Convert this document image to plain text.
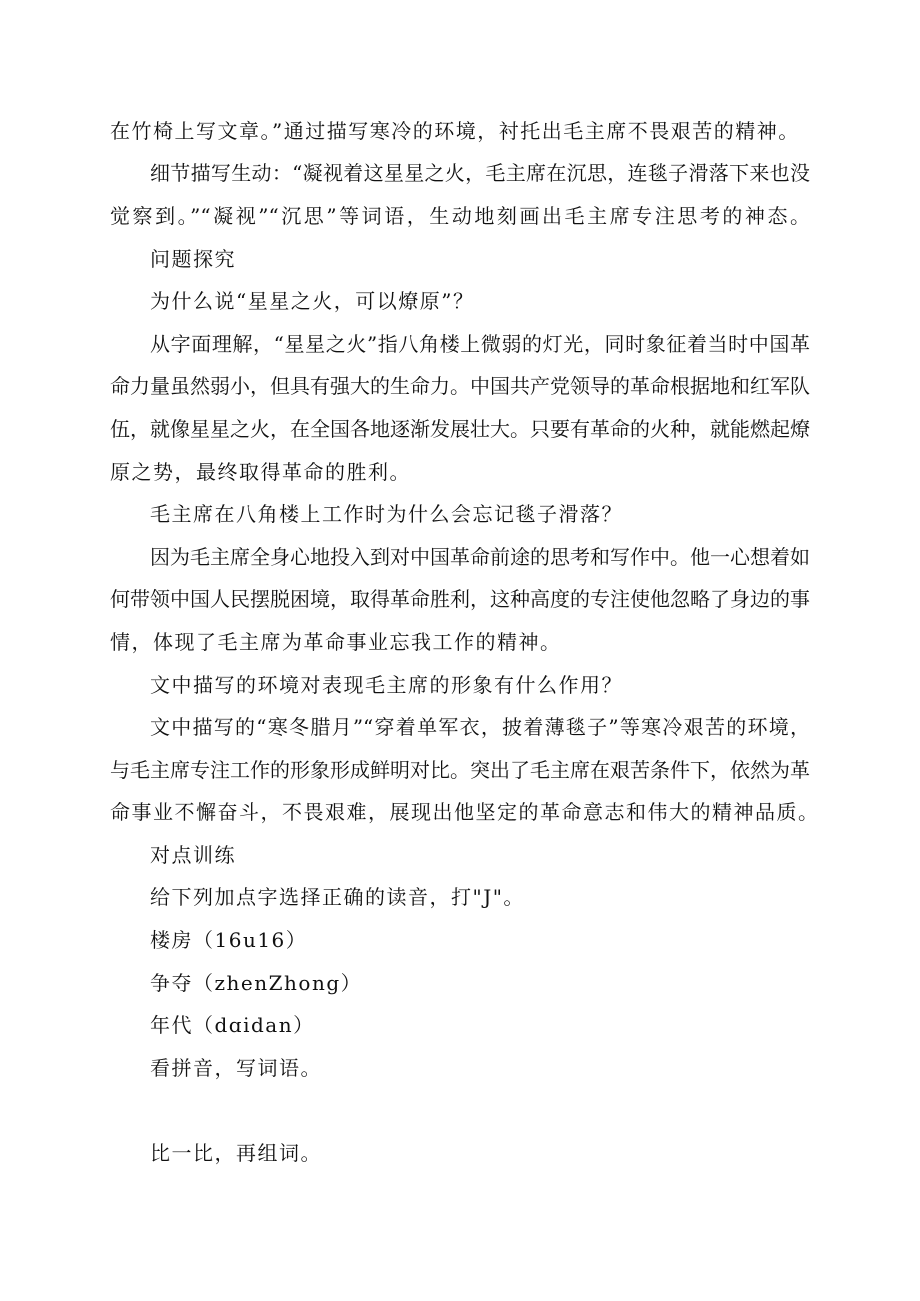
在竹椅上写文章。”通过描写寒冷的环境，衬托出毛主席不畏艰苦的精神。

细节描写生动：“凝视着这星星之火，毛主席在沉思，连毯子滑落下来也没

觉察到。”“凝视”“沉思”等词语，生动地刻画出毛主席专注思考的神态。

问题探究

为什么说“星星之火，可以燎原”？

从字面理解，“星星之火”指八角楼上微弱的灯光，同时象征着当时中国革

命力量虽然弱小，但具有强大的生命力。中国共产党领导的革命根据地和红军队

伍，就像星星之火，在全国各地逐渐发展壮大。只要有革命的火种，就能燃起燎

原之势，最终取得革命的胜利。

毛主席在八角楼上工作时为什么会忘记毯子滑落？

因为毛主席全身心地投入到对中国革命前途的思考和写作中。他一心想着如

何带领中国人民摆脱困境，取得革命胜利，这种高度的专注使他忽略了身边的事

情，体现了毛主席为革命事业忘我工作的精神。

文中描写的环境对表现毛主席的形象有什么作用？

文中描写的“寒冬腊月”“穿着单军衣，披着薄毯子”等寒冷艰苦的环境，

与毛主席专注工作的形象形成鲜明对比。突出了毛主席在艰苦条件下，依然为革

命事业不懈奋斗，不畏艰难，展现出他坚定的革命意志和伟大的精神品质。

对点训练

给下列加点字选择正确的读音，打"J"。

楼房（16u16）

争夺（zhenZhong）

年代（dɑidan）

看拼音，写词语。

比一比，再组词。
